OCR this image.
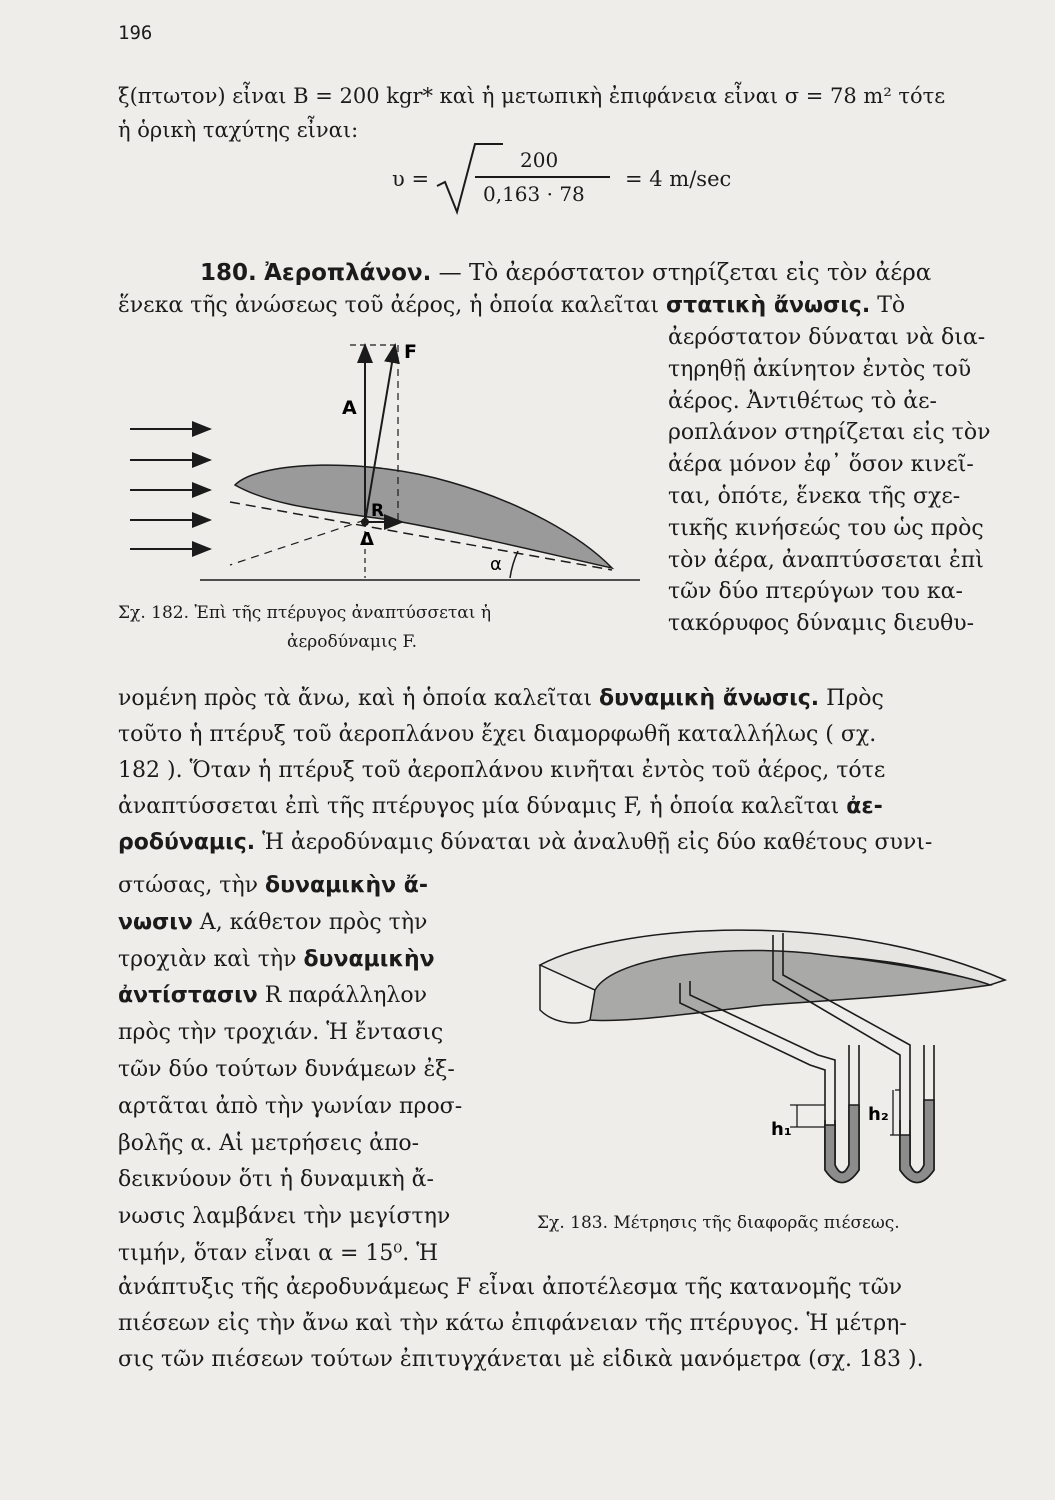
196
ξ(πτωτον) εἶναι B = 200 kgr* καὶ ἡ μετωπικὴ ἐπιφάνεια εἶναι σ = 78 m² τότε
ἡ ὁρικὴ ταχύτης εἶναι:
υ =
200
0,163 · 78
= 4 m/sec
180. Ἀεροπλάνον. — Τὸ ἀερόστατον στηρίζεται εἰς τὸν ἀέρα
ἕνεκα τῆς ἀνώσεως τοῦ ἀέρος, ἡ ὁποία καλεῖται στατικὴ ἄνωσις. Τὸ
ἀερόστατον δύναται νὰ δια-
τηρηθῇ ἀκίνητον ἐντὸς τοῦ
ἀέρος. Ἀντιθέτως τὸ ἀε-
ροπλάνον στηρίζεται εἰς τὸν
ἀέρα μόνον ἐφ᾽ ὅσον κινεῖ-
ται, ὁπότε, ἕνεκα τῆς σχε-
τικῆς κινήσεώς του ὡς πρὸς
τὸν ἀέρα, ἀναπτύσσεται ἐπὶ
τῶν δύο πτερύγων του κα-
τακόρυφος δύναμις διευθυ-
F
A
R
Δ
α
Σχ. 182. Ἐπὶ τῆς πτέρυγος ἀναπτύσσεται ἡ
ἀεροδύναμις F.
νομένη πρὸς τὰ ἄνω, καὶ ἡ ὁποία καλεῖται δυναμικὴ ἄνωσις. Πρὸς
τοῦτο ἡ πτέρυξ τοῦ ἀεροπλάνου ἔχει διαμορφωθῆ καταλλήλως ( σχ.
182 ). Ὅταν ἡ πτέρυξ τοῦ ἀεροπλάνου κινῆται ἐντὸς τοῦ ἀέρος, τότε
ἀναπτύσσεται ἐπὶ τῆς πτέρυγος μία δύναμις F, ἡ ὁποία καλεῖται ἀε-
ροδύναμις. Ἡ ἀεροδύναμις δύναται νὰ ἀναλυθῇ εἰς δύο καθέτους συνι-
στώσας, τὴν δυναμικὴν ἄ-
νωσιν A, κάθετον πρὸς τὴν
τροχιὰν καὶ τὴν δυναμικὴν
ἀντίστασιν R παράλληλον
πρὸς τὴν τροχιάν. Ἡ ἔντασις
τῶν δύο τούτων δυνάμεων ἐξ-
αρτᾶται ἀπὸ τὴν γωνίαν προσ-
βολῆς α. Αἱ μετρήσεις ἀπο-
δεικνύουν ὅτι ἡ δυναμικὴ ἄ-
νωσις λαμβάνει τὴν μεγίστην
τιμήν, ὅταν εἶναι α = 15⁰. Ἡ
h₁
h₂
Σχ. 183. Μέτρησις τῆς διαφορᾶς πιέσεως.
ἀνάπτυξις τῆς ἀεροδυνάμεως F εἶναι ἀποτέλεσμα τῆς κατανομῆς τῶν
πιέσεων εἰς τὴν ἄνω καὶ τὴν κάτω ἐπιφάνειαν τῆς πτέρυγος. Ἡ μέτρη-
σις τῶν πιέσεων τούτων ἐπιτυγχάνεται μὲ εἰδικὰ μανόμετρα (σχ. 183 ).
